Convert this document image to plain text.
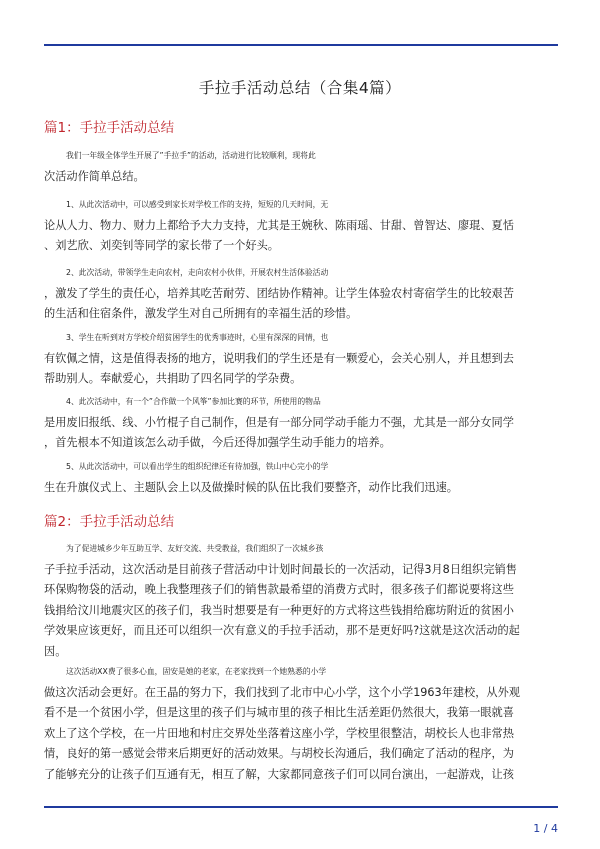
手拉手活动总结（合集4篇）
篇1：手拉手活动总结

我们一年级全体学生开展了”手拉手”的活动，活动进行比较顺利，现将此
次活动作简单总结。

1、从此次活动中，可以感受到家长对学校工作的支持，短短的几天时间，无
论从人力、物力、财力上都给予大力支持，尤其是王婉秋、陈雨瑶、甘甜、曾智达、廖琨、夏恬
、刘艺欣、刘奕钊等同学的家长带了一个好头。

2、此次活动，带领学生走向农村，走向农村小伙伴，开展农村生活体验活动
，激发了学生的责任心，培养其吃苦耐劳、团结协作精神。让学生体验农村寄宿学生的比较艰苦
的生活和住宿条件，激发学生对自己所拥有的幸福生活的珍惜。

3、学生在听到对方学校介绍贫困学生的优秀事迹时，心里有深深的同情，也
有钦佩之情，这是值得表扬的地方，说明我们的学生还是有一颗爱心，会关心别人，并且想到去
帮助别人。奉献爱心，共捐助了四名同学的学杂费。

4、此次活动中，有一个”合作做一个风筝”参加比赛的环节，所使用的物品
是用废旧报纸、线、小竹棍子自己制作，但是有一部分同学动手能力不强，尤其是一部分女同学
，首先根本不知道该怎么动手做，今后还得加强学生动手能力的培养。

5、从此次活动中，可以看出学生的组织纪律还有待加强，铁山中心完小的学
生在升旗仪式上、主题队会上以及做操时候的队伍比我们要整齐，动作比我们迅速。

篇2：手拉手活动总结

为了促进城乡少年互助互学、友好交流、共受教益，我们组织了一次城乡孩
子手拉手活动，这次活动是目前孩子营活动中计划时间最长的一次活动，记得3月8日组织完销售
环保购物袋的活动，晚上我整理孩子们的销售款最希望的消费方式时，很多孩子们都说要将这些
钱捐给汶川地震灾区的孩子们，我当时想要是有一种更好的方式将这些钱捐给廊坊附近的贫困小
学效果应该更好，而且还可以组织一次有意义的手拉手活动，那不是更好吗?这就是这次活动的起
因。

这次活动XX费了很多心血，固安是她的老家，在老家找到一个她熟悉的小学
做这次活动会更好。在王晶的努力下，我们找到了北市中心小学，这个小学1963年建校，从外观
看不是一个贫困小学，但是这里的孩子们与城市里的孩子相比生活差距仍然很大，我第一眼就喜
欢上了这个学校，在一片田地和村庄交界处坐落着这座小学，学校里很整洁，胡校长人也非常热
情，良好的第一感觉会带来后期更好的活动效果。与胡校长沟通后，我们确定了活动的程序，为
了能够充分的让孩子们互通有无，相互了解，大家都同意孩子们可以同台演出，一起游戏，让孩

1 / 4
